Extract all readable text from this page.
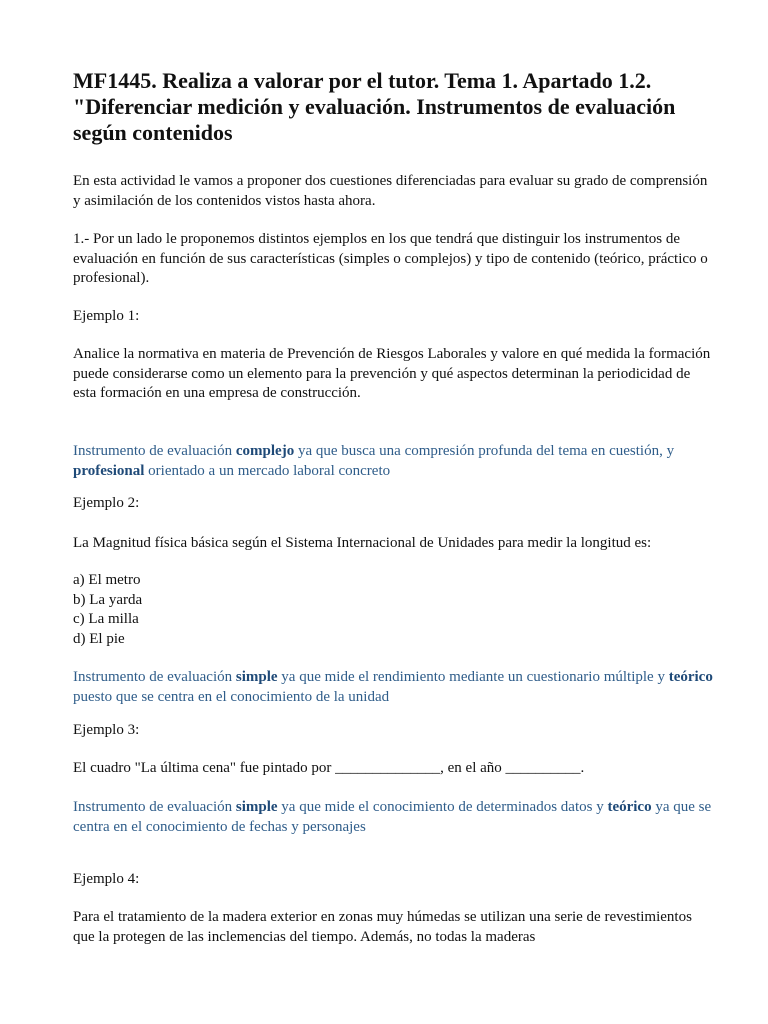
MF1445. Realiza a valorar por el tutor. Tema 1. Apartado 1.2. "Diferenciar medición y evaluación. Instrumentos de evaluación según contenidos

En esta actividad le vamos a proponer dos cuestiones diferenciadas para evaluar su grado de comprensión y asimilación de los contenidos vistos hasta ahora.

1.- Por un lado le proponemos distintos ejemplos en los que tendrá que distinguir los instrumentos de evaluación en función de sus características (simples o complejos) y tipo de contenido (teórico, práctico o profesional).

Ejemplo 1:

Analice la normativa en materia de Prevención de Riesgos Laborales y valore en qué medida la formación puede considerarse como un elemento para la prevención y qué aspectos determinan la periodicidad de esta formación en una empresa de construcción.

Instrumento de evaluación complejo ya que busca una compresión profunda del tema en cuestión, y profesional orientado a un mercado laboral concreto

Ejemplo 2:

La Magnitud física básica según el Sistema Internacional de Unidades para medir la longitud es:

a) El metro
b) La yarda
c) La milla
d) El pie

Instrumento de evaluación simple ya que mide el rendimiento mediante un cuestionario múltiple y teórico puesto que se centra en el conocimiento de la unidad

Ejemplo 3:

El cuadro "La última cena" fue pintado por ______________, en el año __________.

Instrumento de evaluación simple ya que mide el conocimiento de determinados datos y teórico ya que se centra en el conocimiento de fechas y personajes

Ejemplo 4:

Para el tratamiento de la madera exterior en zonas muy húmedas se utilizan una serie de revestimientos que la protegen de las inclemencias del tiempo. Además, no todas la maderas
